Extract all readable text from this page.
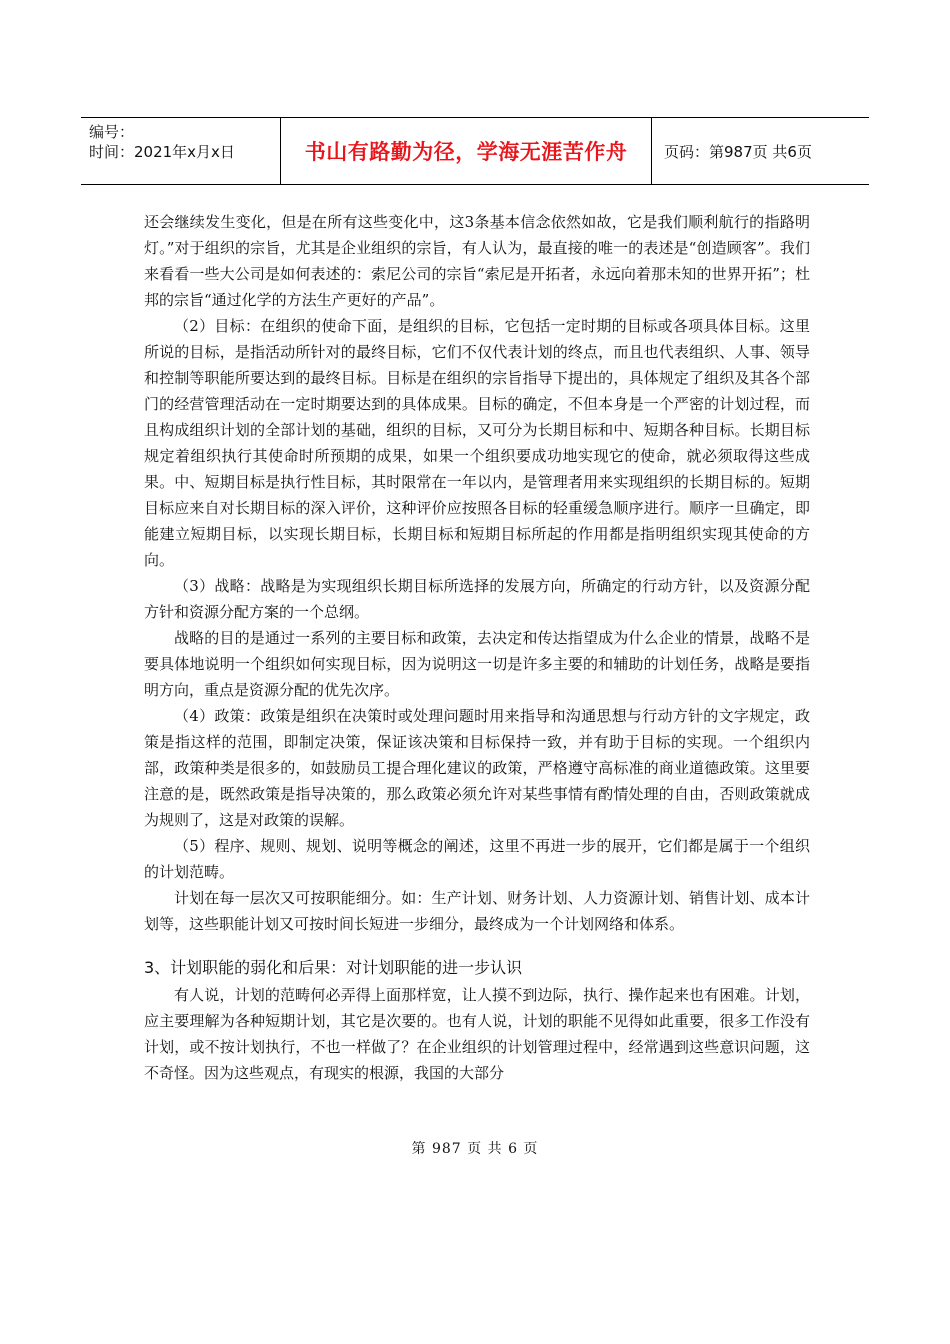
编号：
时间：2021年x月x日	书山有路勤为径，学海无涯苦作舟	页码：第987页 共6页

还会继续发生变化，但是在所有这些变化中，这3条基本信念依然如故，它是我们顺利航行的指路明灯。”对于组织的宗旨，尤其是企业组织的宗旨，有人认为，最直接的唯一的表述是“创造顾客”。我们来看看一些大公司是如何表述的：索尼公司的宗旨“索尼是开拓者，永远向着那未知的世界开拓”；杜邦的宗旨“通过化学的方法生产更好的产品”。

（2）目标：在组织的使命下面，是组织的目标，它包括一定时期的目标或各项具体目标。这里所说的目标，是指活动所针对的最终目标，它们不仅代表计划的终点，而且也代表组织、人事、领导和控制等职能所要达到的最终目标。目标是在组织的宗旨指导下提出的，具体规定了组织及其各个部门的经营管理活动在一定时期要达到的具体成果。目标的确定，不但本身是一个严密的计划过程，而且构成组织计划的全部计划的基础，组织的目标，又可分为长期目标和中、短期各种目标。长期目标规定着组织执行其使命时所预期的成果，如果一个组织要成功地实现它的使命，就必须取得这些成果。中、短期目标是执行性目标，其时限常在一年以内，是管理者用来实现组织的长期目标的。短期目标应来自对长期目标的深入评价，这种评价应按照各目标的轻重缓急顺序进行。顺序一旦确定，即能建立短期目标，以实现长期目标，长期目标和短期目标所起的作用都是指明组织实现其使命的方向。

（3）战略：战略是为实现组织长期目标所选择的发展方向，所确定的行动方针，以及资源分配方针和资源分配方案的一个总纲。

战略的目的是通过一系列的主要目标和政策，去决定和传达指望成为什么企业的情景，战略不是要具体地说明一个组织如何实现目标，因为说明这一切是许多主要的和辅助的计划任务，战略是要指明方向，重点是资源分配的优先次序。

（4）政策：政策是组织在决策时或处理问题时用来指导和沟通思想与行动方针的文字规定，政策是指这样的范围，即制定决策，保证该决策和目标保持一致，并有助于目标的实现。一个组织内部，政策种类是很多的，如鼓励员工提合理化建议的政策，严格遵守高标准的商业道德政策。这里要注意的是，既然政策是指导决策的，那么政策必须允许对某些事情有酌情处理的自由，否则政策就成为规则了，这是对政策的误解。

（5）程序、规则、规划、说明等概念的阐述，这里不再进一步的展开，它们都是属于一个组织的计划范畴。

计划在每一层次又可按职能细分。如：生产计划、财务计划、人力资源计划、销售计划、成本计划等，这些职能计划又可按时间长短进一步细分，最终成为一个计划网络和体系。

3、计划职能的弱化和后果：对计划职能的进一步认识

有人说，计划的范畴何必弄得上面那样宽，让人摸不到边际，执行、操作起来也有困难。计划，应主要理解为各种短期计划，其它是次要的。也有人说，计划的职能不见得如此重要，很多工作没有计划，或不按计划执行，不也一样做了？在企业组织的计划管理过程中，经常遇到这些意识问题，这不奇怪。因为这些观点，有现实的根源，我国的大部分

第 987 页 共 6 页
